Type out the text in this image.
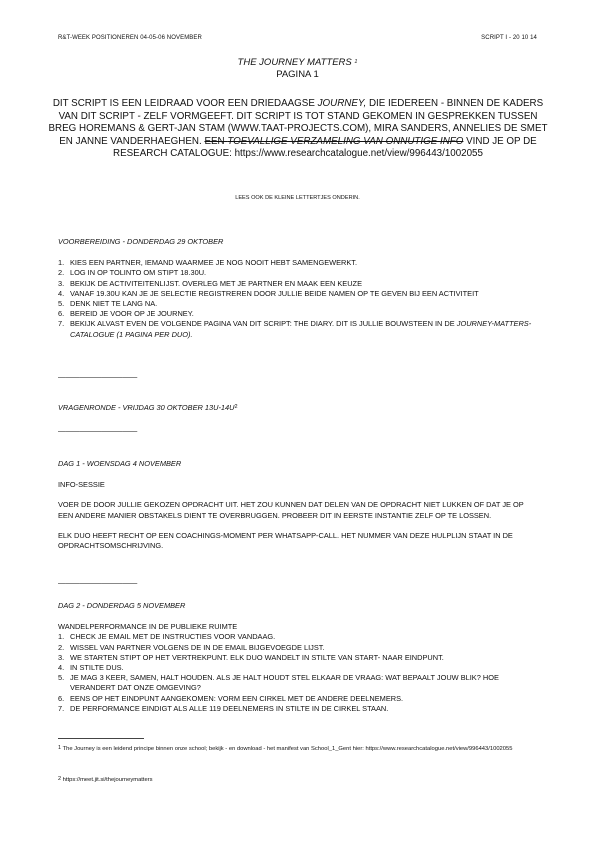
R&T-WEEK POSITIONEREN 04-05-06 NOVEMBER	SCRIPT I - 20 10 14
THE JOURNEY MATTERS $^1$
PAGINA 1
DIT SCRIPT IS EEN LEIDRAAD VOOR EEN DRIEDAAGSE JOURNEY, DIE IEDEREEN - BINNEN DE KADERS VAN DIT SCRIPT - ZELF VORMGEEFT. DIT SCRIPT IS TOT STAND GEKOMEN IN GESPREKKEN TUSSEN BREG HOREMANS & GERT-JAN STAM (WWW.TAAT-PROJECTS.COM), MIRA SANDERS, ANNELIES DE SMET EN JANNE VANDERHAEGHEN. EEN TOEVALLIGE VERZAMELING VAN ONNUTIGE INFO VIND JE OP DE RESEARCH CATALOGUE: https://www.researchcatalogue.net/view/996443/1002055
LEES OOK DE KLEINE LETTERTJES ONDERIN.
VOORBEREIDING - DONDERDAG 29 OKTOBER
1. KIES EEN PARTNER, IEMAND WAARMEE JE NOG NOOIT HEBT SAMENGEWERKT.
2. LOG IN OP TOLINTO OM STIPT 18.30U.
3. BEKIJK DE ACTIVITEITENLIJST. OVERLEG MET JE PARTNER EN MAAK EEN KEUZE
4. VANAF 19.30U KAN JE JE SELECTIE REGISTREREN DOOR JULLIE BEIDE NAMEN OP TE GEVEN BIJ EEN ACTIVITEIT
5. DENK NIET TE LANG NA.
6. BEREID JE VOOR OP JE JOURNEY.
7. BEKIJK ALVAST EVEN DE VOLGENDE PAGINA VAN DIT SCRIPT: THE DIARY. DIT IS JULLIE BOUWSTEEN IN DE JOURNEY-MATTERS-CATALOGUE (1 PAGINA PER DUO).
———————————
VRAGENRONDE - VRIJDAG 30 OKTOBER $13U-14U^2$
———————————
DAG 1 - WOENSDAG 4 NOVEMBER
INFO-SESSIE
VOER DE DOOR JULLIE GEKOZEN OPDRACHT UIT. HET ZOU KUNNEN DAT DELEN VAN DE OPDRACHT NIET LUKKEN OF DAT JE OP EEN ANDERE MANIER OBSTAKELS DIENT TE OVERBRUGGEN. PROBEER DIT IN EERSTE INSTANTIE ZELF OP TE LOSSEN.
ELK DUO HEEFT RECHT OP EEN COACHINGS-MOMENT PER WHATSAPP-CALL. HET NUMMER VAN DEZE HULPLIJN STAAT IN DE OPDRACHTSOMSCHRIJVING.
———————————
DAG 2 - DONDERDAG 5 NOVEMBER
WANDELPERFORMANCE IN DE PUBLIEKE RUIMTE
1. CHECK JE EMAIL MET DE INSTRUCTIES VOOR VANDAAG.
2. WISSEL VAN PARTNER VOLGENS DE IN DE EMAIL BIJGEVOEGDE LIJST.
3. WE STARTEN STIPT OP HET VERTREKPUNT. ELK DUO WANDELT IN STILTE VAN START- NAAR EINDPUNT.
4. IN STILTE DUS.
5. JE MAG 3 KEER, SAMEN, HALT HOUDEN. ALS JE HALT HOUDT STEL ELKAAR DE VRAAG: WAT BEPAALT JOUW BLIK? HOE VERANDERT DAT ONZE OMGEVING?
6. EENS OP HET EINDPUNT AANGEKOMEN: VORM EEN CIRKEL MET DE ANDERE DEELNEMERS.
7. DE PERFORMANCE EINDIGT ALS ALLE 119 DEELNEMERS IN STILTE IN DE CIRKEL STAAN.
$^1$ The Journey is een leidend principe binnen onze school; bekijk - en download - het manifest van School_1_Gent hier: https://www.researchcatalogue.net/view/996443/1002055
$^2$ https://meet.jit.si/thejourneymatters
